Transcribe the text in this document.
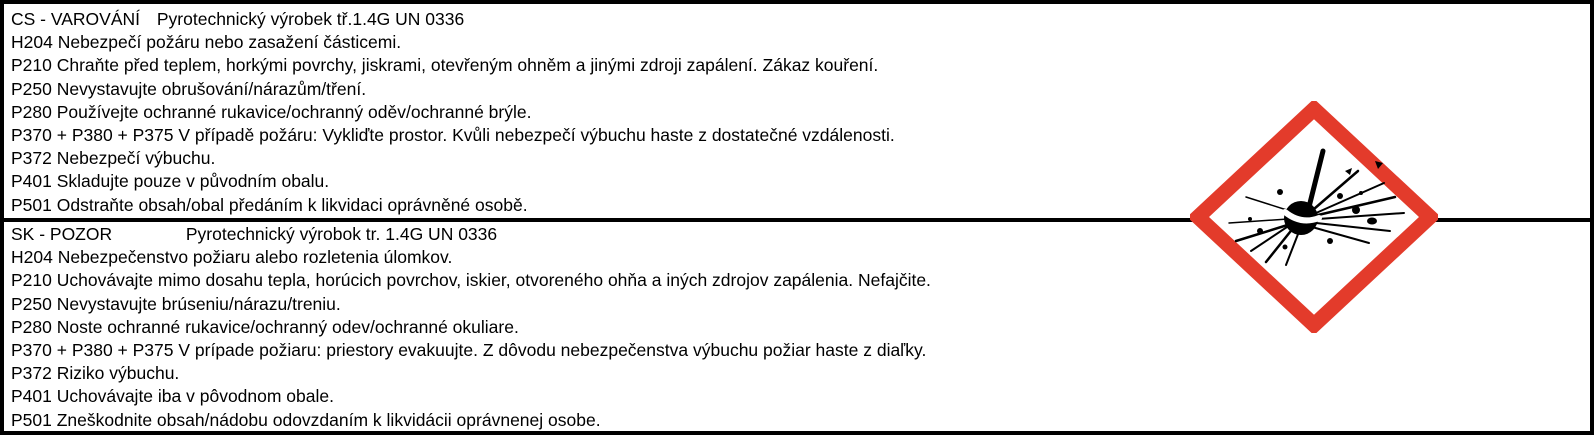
CS - VAROVÁNÍ Pyrotechnický výrobek tř.1.4G UN 0336
H204 Nebezpečí požáru nebo zasažení částicemi.
P210 Chraňte před teplem, horkými povrchy, jiskrami, otevřeným ohněm a jinými zdroji zapálení. Zákaz kouření.
P250 Nevystavujte obrušování/nárazům/tření.
P280 Používejte ochranné rukavice/ochranný oděv/ochranné brýle.
P370 + P380 + P375 V případě požáru: Vykliďte prostor. Kvůli nebezpečí výbuchu haste z dostatečné vzdálenosti.
P372 Nebezpečí výbuchu.
P401 Skladujte pouze v původním obalu.
P501 Odstraňte obsah/obal předáním k likvidaci oprávněné osobě.
SK - POZOR	Pyrotechnický výrobok tr. 1.4G UN 0336
H204 Nebezpečenstvo požiaru alebo rozletenia úlomkov.
P210 Uchovávajte mimo dosahu tepla, horúcich povrchov, iskier, otvoreného ohňa a iných zdrojov zapálenia. Nefajčite.
P250 Nevystavujte brúseniu/nárazu/treniu.
P280 Noste ochranné rukavice/ochranný odev/ochranné okuliare.
P370 + P380 + P375 V prípade požiaru: priestory evakuujte. Z dôvodu nebezpečenstva výbuchu požiar haste z diaľky.
P372 Riziko výbuchu.
P401 Uchovávajte iba v pôvodnom obale.
P501 Zneškodnite obsah/nádobu odovzdaním k likvidácii oprávnenej osobe.
